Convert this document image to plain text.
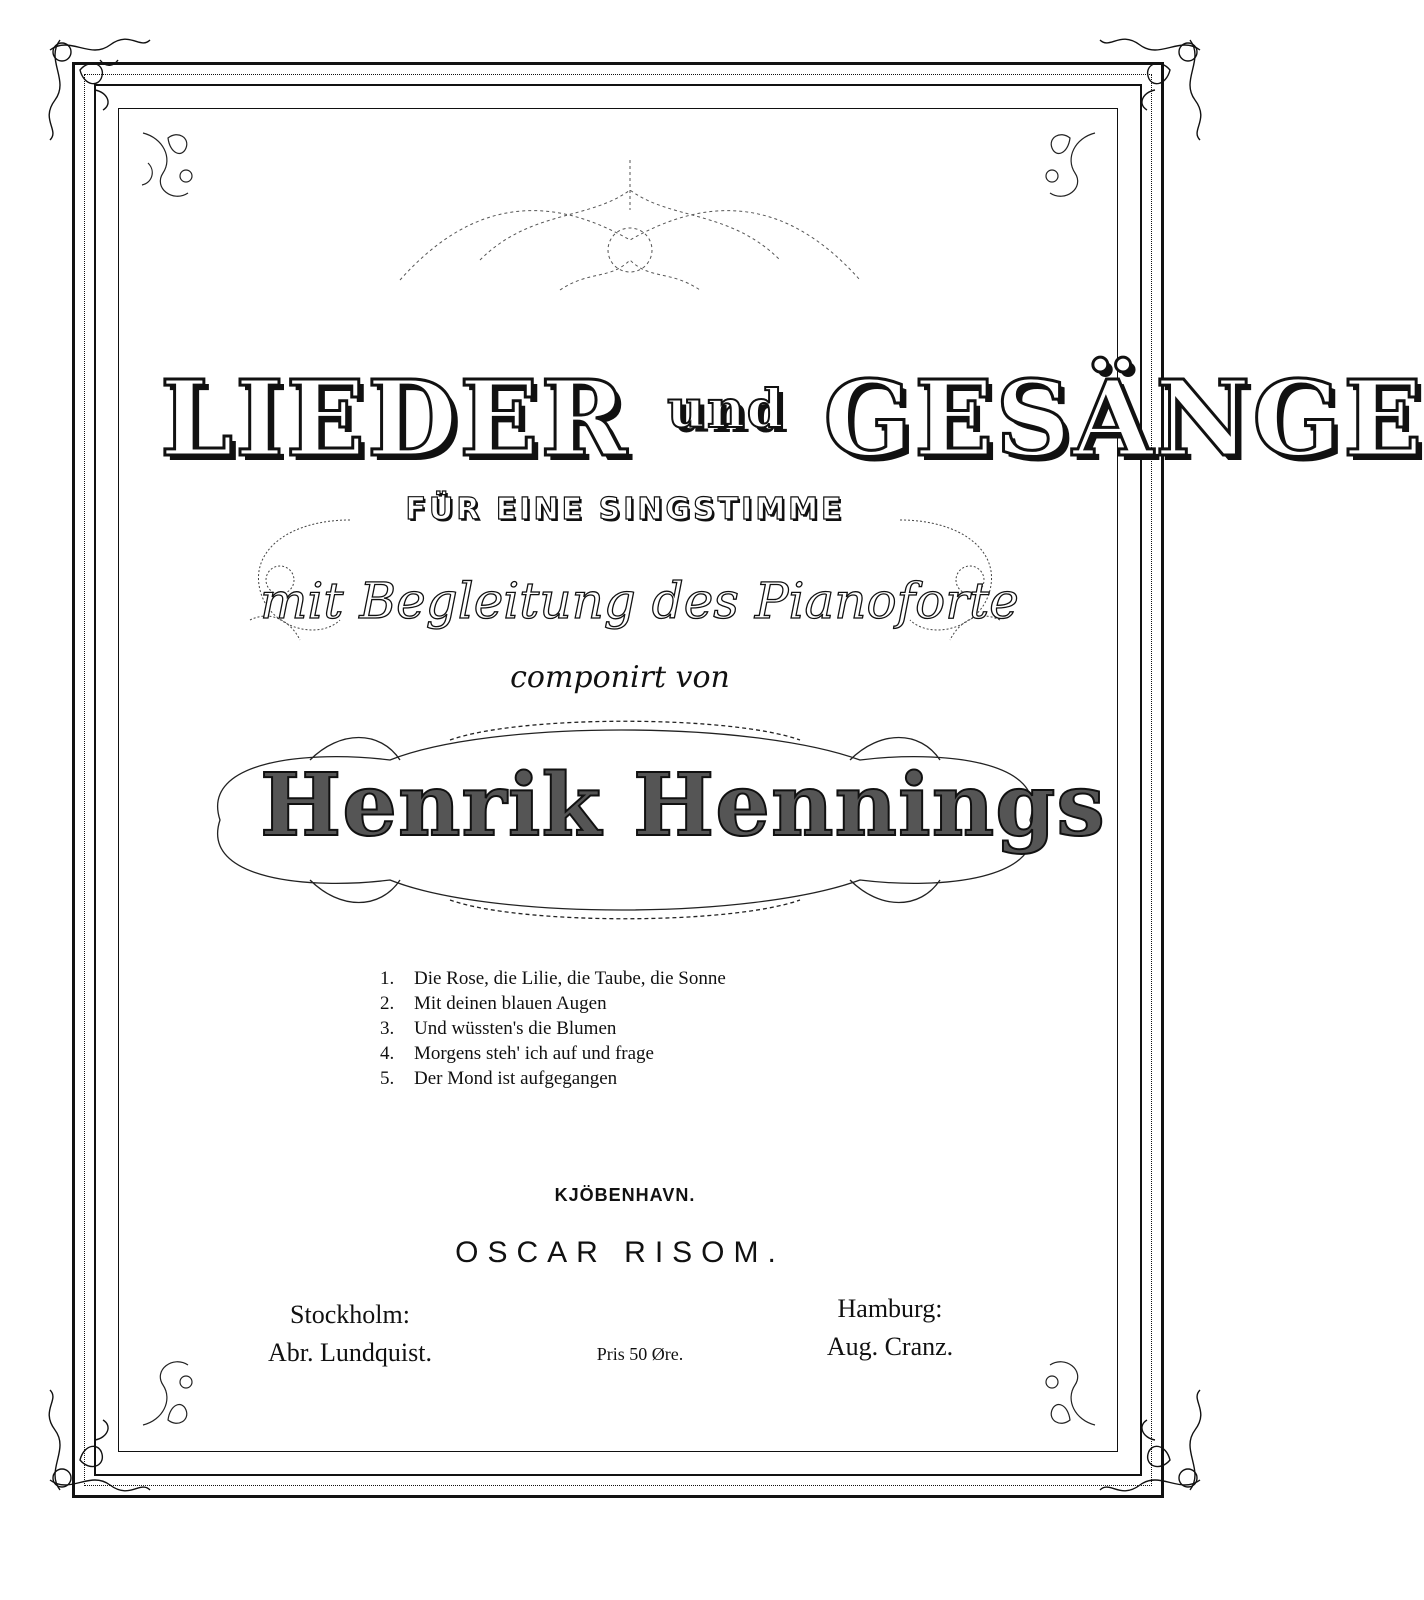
LIEDER $^{und}$ GESÄNGE
FÜR EINE SINGSTIMME
mit Begleitung des Pianoforte
componirt von
Henrik Hennings
1. Die Rose, die Lilie, die Taube, die Sonne
2. Mit deinen blauen Augen
3. Und wüssten's die Blumen
4. Morgens steh' ich auf und frage
5. Der Mond ist aufgegangen
KJÖBENHAVN.
OSCAR RISOM.
Stockholm:
Abr. Lundquist.	Pris 50 Øre.
Hamburg:
Aug. Cranz.
